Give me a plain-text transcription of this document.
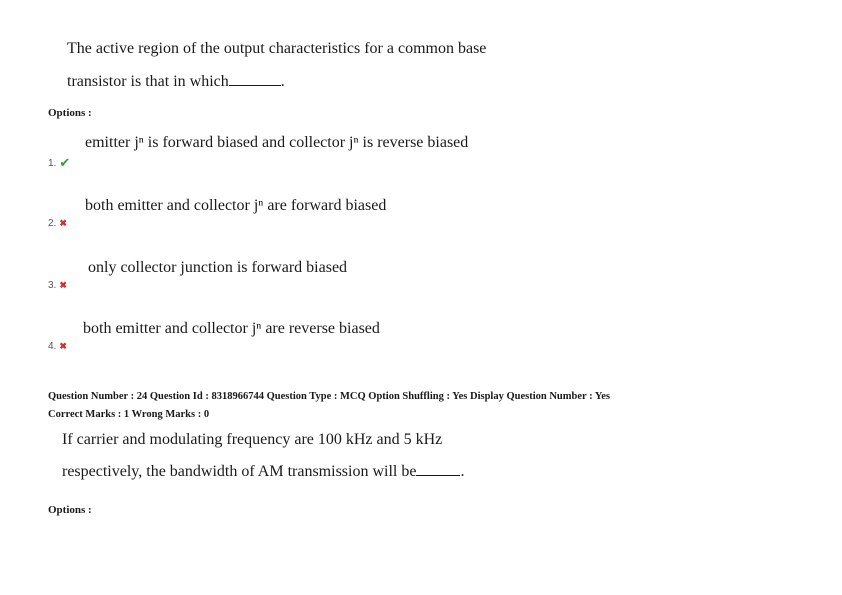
The active region of the output characteristics for a common base
transistor is that in which	.
Options :
emitter jⁿ is forward biased and collector jⁿ is reverse biased
1. ✔
both emitter and collector jⁿ are forward biased
2. ✖
only collector junction is forward biased
3. ✖
both emitter and collector jⁿ are reverse biased
4. ✖
Question Number : 24 Question Id : 8318966744 Question Type : MCQ Option Shuffling : Yes Display Question Number : Yes
Correct Marks : 1 Wrong Marks : 0
If carrier and modulating frequency are 100 kHz and 5 kHz
respectively, the bandwidth of AM transmission will be	.
Options :
